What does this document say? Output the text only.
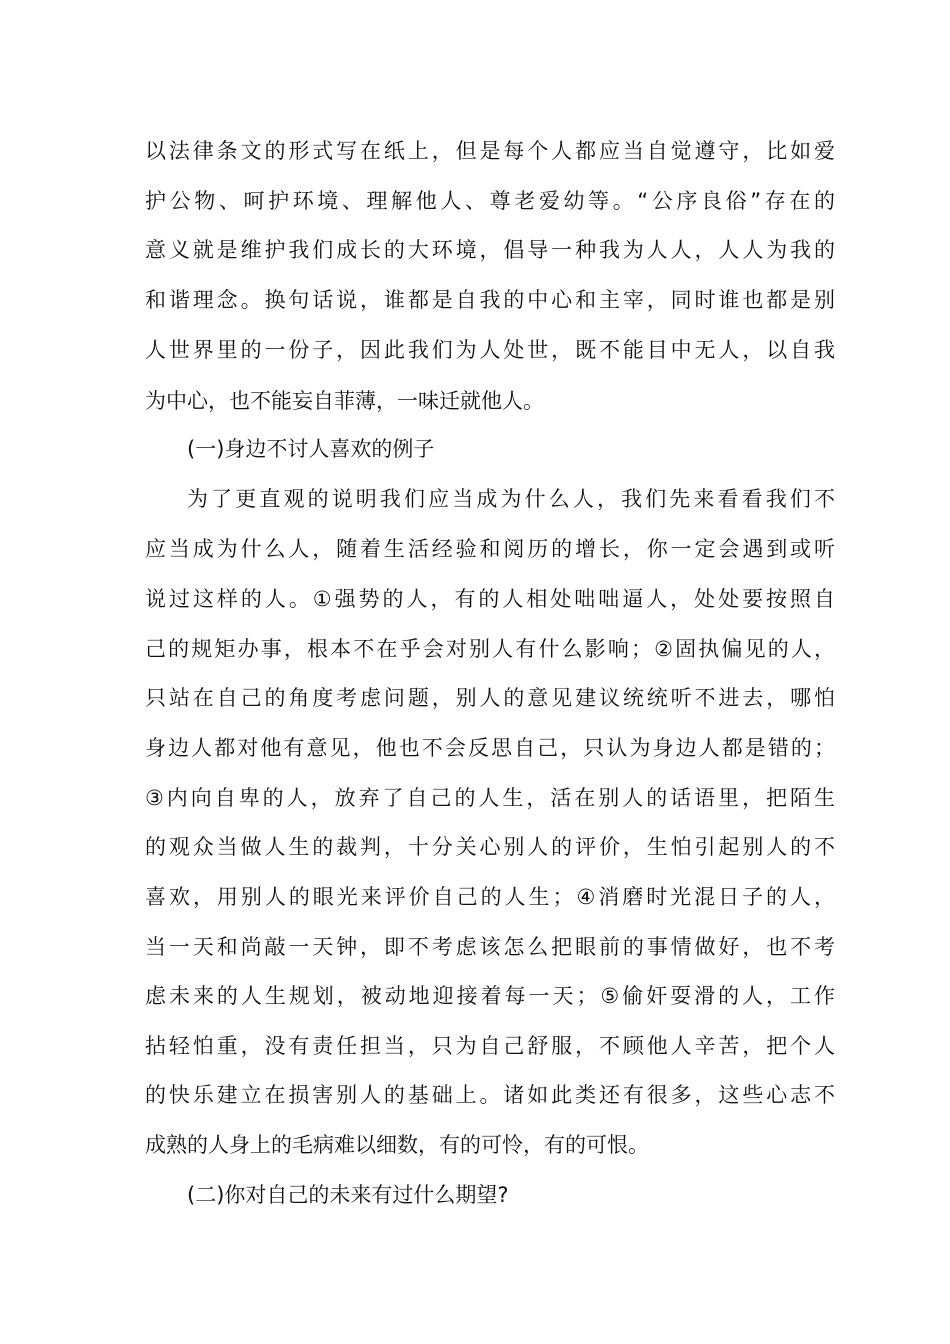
以法律条文的形式写在纸上，但是每个人都应当自觉遵守，比如爱
护公物、呵护环境、理解他人、尊老爱幼等。“公序良俗”存在的
意义就是维护我们成长的大环境，倡导一种我为人人，人人为我的
和谐理念。换句话说，谁都是自我的中心和主宰，同时谁也都是别
人世界里的一份子，因此我们为人处世，既不能目中无人，以自我
为中心，也不能妄自菲薄，一味迁就他人。
(一)身边不讨人喜欢的例子
为了更直观的说明我们应当成为什么人，我们先来看看我们不
应当成为什么人，随着生活经验和阅历的增长，你一定会遇到或听
说过这样的人。①强势的人，有的人相处咄咄逼人，处处要按照自
己的规矩办事，根本不在乎会对别人有什么影响；②固执偏见的人，
只站在自己的角度考虑问题，别人的意见建议统统听不进去，哪怕
身边人都对他有意见，他也不会反思自己，只认为身边人都是错的；
③内向自卑的人，放弃了自己的人生，活在别人的话语里，把陌生
的观众当做人生的裁判，十分关心别人的评价，生怕引起别人的不
喜欢，用别人的眼光来评价自己的人生；④消磨时光混日子的人，
当一天和尚敲一天钟，即不考虑该怎么把眼前的事情做好，也不考
虑未来的人生规划，被动地迎接着每一天；⑤偷奸耍滑的人，工作
拈轻怕重，没有责任担当，只为自己舒服，不顾他人辛苦，把个人
的快乐建立在损害别人的基础上。诸如此类还有很多，这些心志不
成熟的人身上的毛病难以细数，有的可怜，有的可恨。
(二)你对自己的未来有过什么期望?
